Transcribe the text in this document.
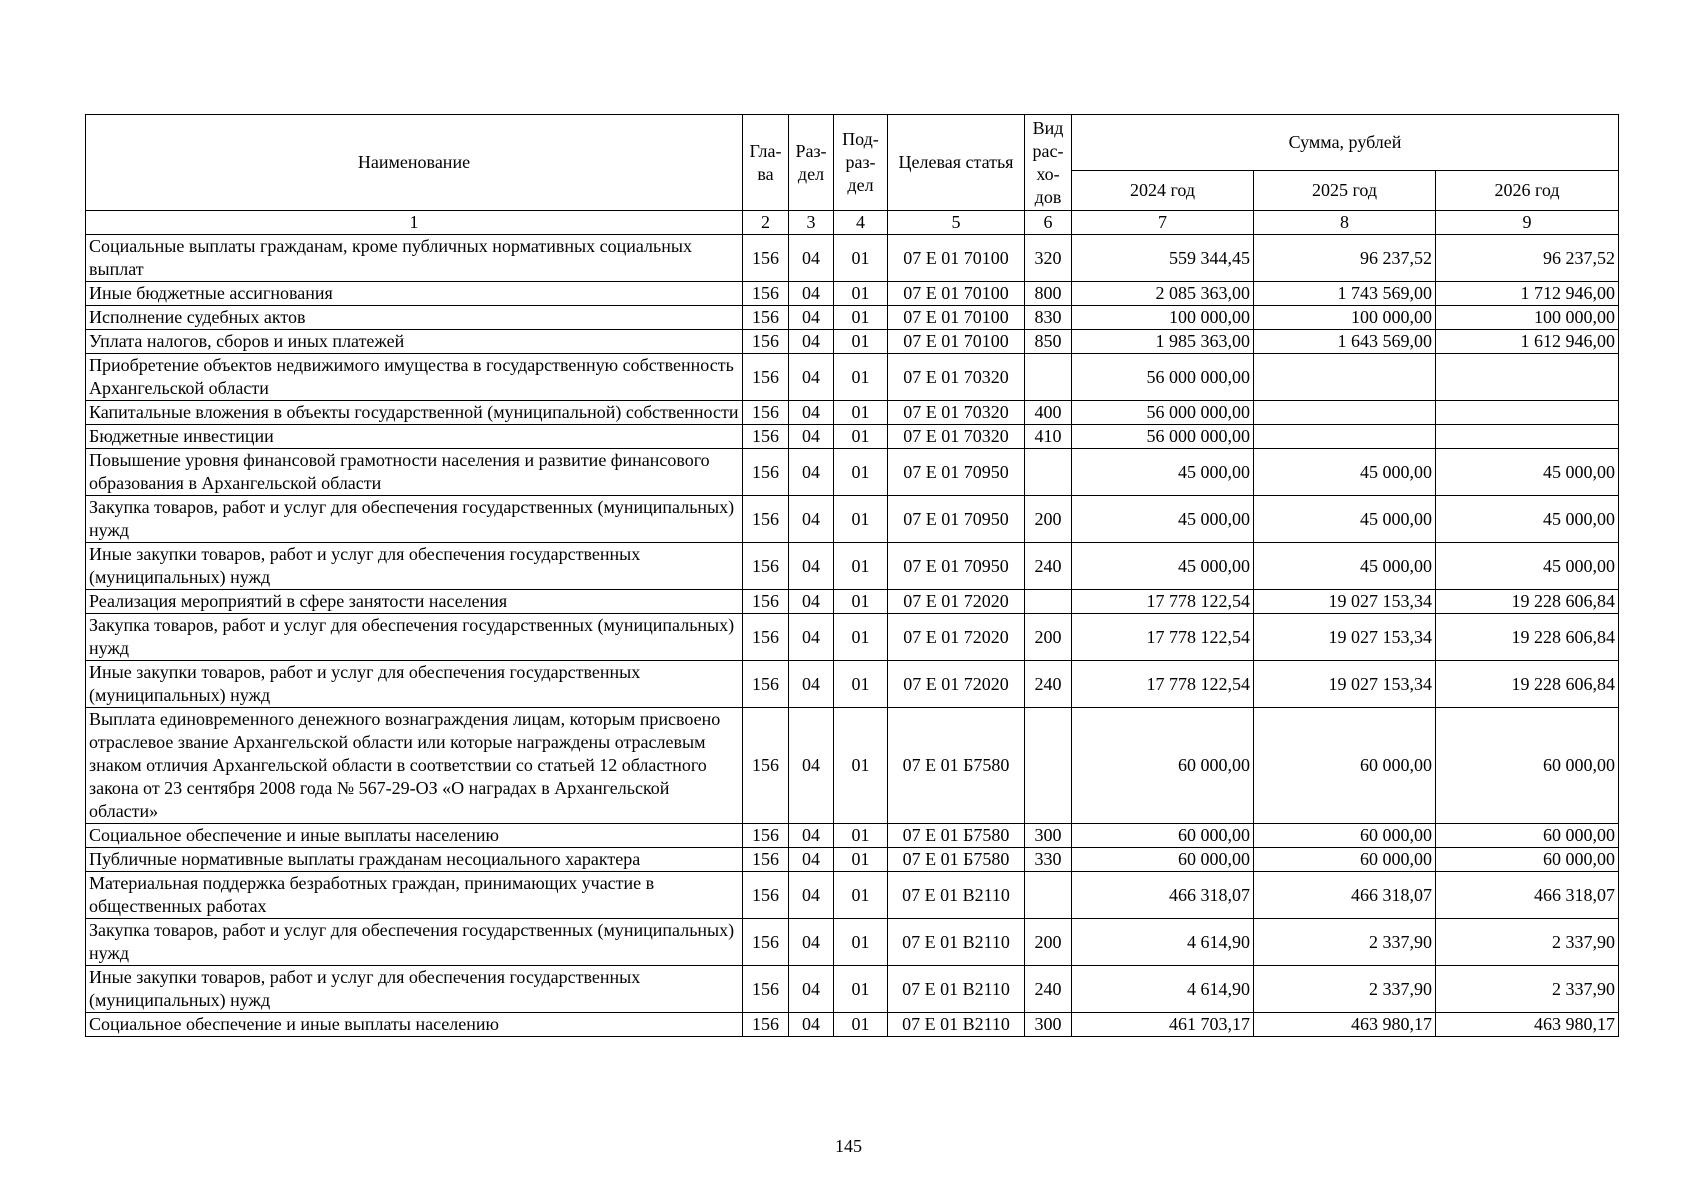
Наименование	Гла-ва	Раз-дел	Под-раз-дел	Целевая статья	Вид рас-хо-дов	Сумма, рублей		
						2024 год	2025 год	2026 год
1	2	3	4	5	6	7	8	9
Социальные выплаты гражданам, кроме публичных нормативных социальных выплат	156	04	01	07 Е 01 70100	320	559 344,45	96 237,52	96 237,52
Иные бюджетные ассигнования	156	04	01	07 Е 01 70100	800	2 085 363,00	1 743 569,00	1 712 946,00
Исполнение судебных актов	156	04	01	07 Е 01 70100	830	100 000,00	100 000,00	100 000,00
Уплата налогов, сборов и иных платежей	156	04	01	07 Е 01 70100	850	1 985 363,00	1 643 569,00	1 612 946,00
Приобретение объектов недвижимого имущества в государственную собственность Архангельской области	156	04	01	07 Е 01 70320		56 000 000,00		
Капитальные вложения в объекты государственной (муниципальной) собственности	156	04	01	07 Е 01 70320	400	56 000 000,00		
Бюджетные инвестиции	156	04	01	07 Е 01 70320	410	56 000 000,00		
Повышение уровня финансовой грамотности населения и развитие финансового образования в Архангельской области	156	04	01	07 Е 01 70950		45 000,00	45 000,00	45 000,00
Закупка товаров, работ и услуг для обеспечения государственных (муниципальных) нужд	156	04	01	07 Е 01 70950	200	45 000,00	45 000,00	45 000,00
Иные закупки товаров, работ и услуг для обеспечения государственных (муниципальных) нужд	156	04	01	07 Е 01 70950	240	45 000,00	45 000,00	45 000,00
Реализация мероприятий в сфере занятости населения	156	04	01	07 Е 01 72020		17 778 122,54	19 027 153,34	19 228 606,84
Закупка товаров, работ и услуг для обеспечения государственных (муниципальных) нужд	156	04	01	07 Е 01 72020	200	17 778 122,54	19 027 153,34	19 228 606,84
Иные закупки товаров, работ и услуг для обеспечения государственных (муниципальных) нужд	156	04	01	07 Е 01 72020	240	17 778 122,54	19 027 153,34	19 228 606,84
Выплата единовременного денежного вознаграждения лицам, которым присвоено отраслевое звание Архангельской области или которые награждены отраслевым знаком отличия Архангельской области в соответствии со статьей 12 областного закона от 23 сентября 2008 года № 567-29-ОЗ «О наградах в Архангельской области»	156	04	01	07 Е 01 Б7580		60 000,00	60 000,00	60 000,00
Социальное обеспечение и иные выплаты населению	156	04	01	07 Е 01 Б7580	300	60 000,00	60 000,00	60 000,00
Публичные нормативные выплаты гражданам несоциального характера	156	04	01	07 Е 01 Б7580	330	60 000,00	60 000,00	60 000,00
Материальная поддержка безработных граждан, принимающих участие в общественных работах	156	04	01	07 Е 01 В2110		466 318,07	466 318,07	466 318,07
Закупка товаров, работ и услуг для обеспечения государственных (муниципальных) нужд	156	04	01	07 Е 01 В2110	200	4 614,90	2 337,90	2 337,90
Иные закупки товаров, работ и услуг для обеспечения государственных (муниципальных) нужд	156	04	01	07 Е 01 В2110	240	4 614,90	2 337,90	2 337,90
Социальное обеспечение и иные выплаты населению	156	04	01	07 Е 01 В2110	300	461 703,17	463 980,17	463 980,17
145
